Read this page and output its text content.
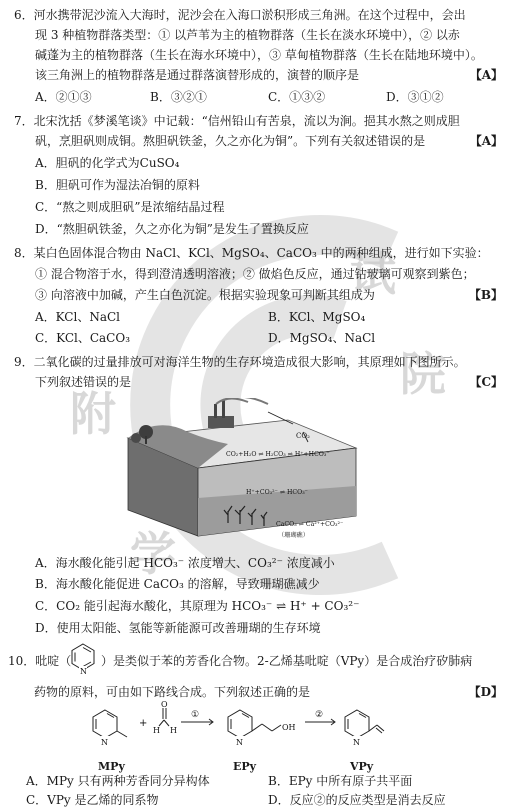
附
试
院
学
6．河水携带泥沙流入大海时，泥沙会在入海口淤积形成三角洲。在这个过程中，会出
现 3 种植物群落类型：① 以芦苇为主的植物群落（生长在淡水环境中），② 以赤
碱蓬为主的植物群落（生长在海水环境中），③ 草甸植物群落（生长在陆地环境中）。
该三角洲上的植物群落是通过群落演替形成的，演替的顺序是	【A】
A．②①③	B．③②①	C．①③②	D．③①②
7．北宋沈括《梦溪笔谈》中记载：“信州铅山有苦泉，流以为涧。挹其水熬之则成胆
矾，烹胆矾则成铜。熬胆矾铁釜，久之亦化为铜”。下列有关叙述错误的是	【A】
A．胆矾的化学式为CuSO₄
B．胆矾可作为湿法冶铜的原料
C．“熬之则成胆矾”是浓缩结晶过程
D．“熬胆矾铁釜，久之亦化为铜”是发生了置换反应
8．某白色固体混合物由 NaCl、KCl、MgSO₄、CaCO₃ 中的两种组成，进行如下实验：
① 混合物溶于水，得到澄清透明溶液；② 做焰色反应，通过钴玻璃可观察到紫色；
③ 向溶液中加碱，产生白色沉淀。根据实验现象可判断其组成为	【B】
A．KCl、NaCl	B．KCl、MgSO₄
C．KCl、CaCO₃	D．MgSO₄、NaCl
9．二氧化碳的过量排放可对海洋生物的生存环境造成很大影响，其原理如下图所示。
下列叙述错误的是	【C】
CO₂
CO₂+H₂O ⇌ H₂CO₃ ⇌ H⁺+HCO₃⁻
H⁺+CO₃²⁻ ⇌ HCO₃⁻
CaCO₃ ⇌ Ca²⁺+CO₃²⁻
（珊瑚礁）
A．海水酸化能引起 HCO₃⁻ 浓度增大、CO₃²⁻ 浓度减小
B．海水酸化能促进 CaCO₃ 的溶解，导致珊瑚礁减少
C．CO₂ 能引起海水酸化，其原理为 HCO₃⁻ ⇌ H⁺ + CO₃²⁻
D．使用太阳能、氢能等新能源可改善珊瑚的生存环境
10．吡啶（
N
）是类似于苯的芳香化合物。2-乙烯基吡啶（VPy）是合成治疗矽肺病
药物的原料，可由如下路线合成。下列叙述正确的是	【D】
N	N	N
+
O
H H
①
OH
②
MPy	EPy	VPy
A．MPy 只有两种芳香同分异构体	B．EPy 中所有原子共平面
C．VPy 是乙烯的同系物	D．反应②的反应类型是消去反应
